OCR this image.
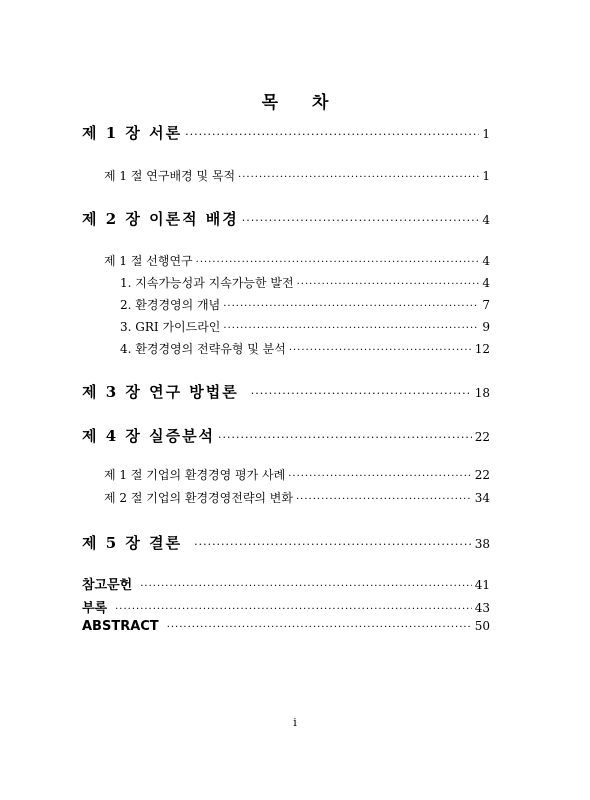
목 차
제 1 장 서론 ·····	1
제 1 절 연구배경 및 목적 ·····	1
제 2 장 이론적 배경 ·····	4
제 1 절 선행연구 ·····	4
1. 지속가능성과 지속가능한 발전 ·····	4
2. 환경경영의 개념 ·····	7
3. GRI 가이드라인 ·····	9
4. 환경경영의 전략유형 및 분석 ·····	12
제 3 장 연구 방법론 ·····	18
제 4 장 실증분석 ·····	22
제 1 절 기업의 환경경영 평가 사례 ·····	22
제 2 절 기업의 환경경영전략의 변화 ·····	34
제 5 장 결론 ·····	38
참고문헌 ·····	41
부록 ·····	43
ABSTRACT ·····	50
i
